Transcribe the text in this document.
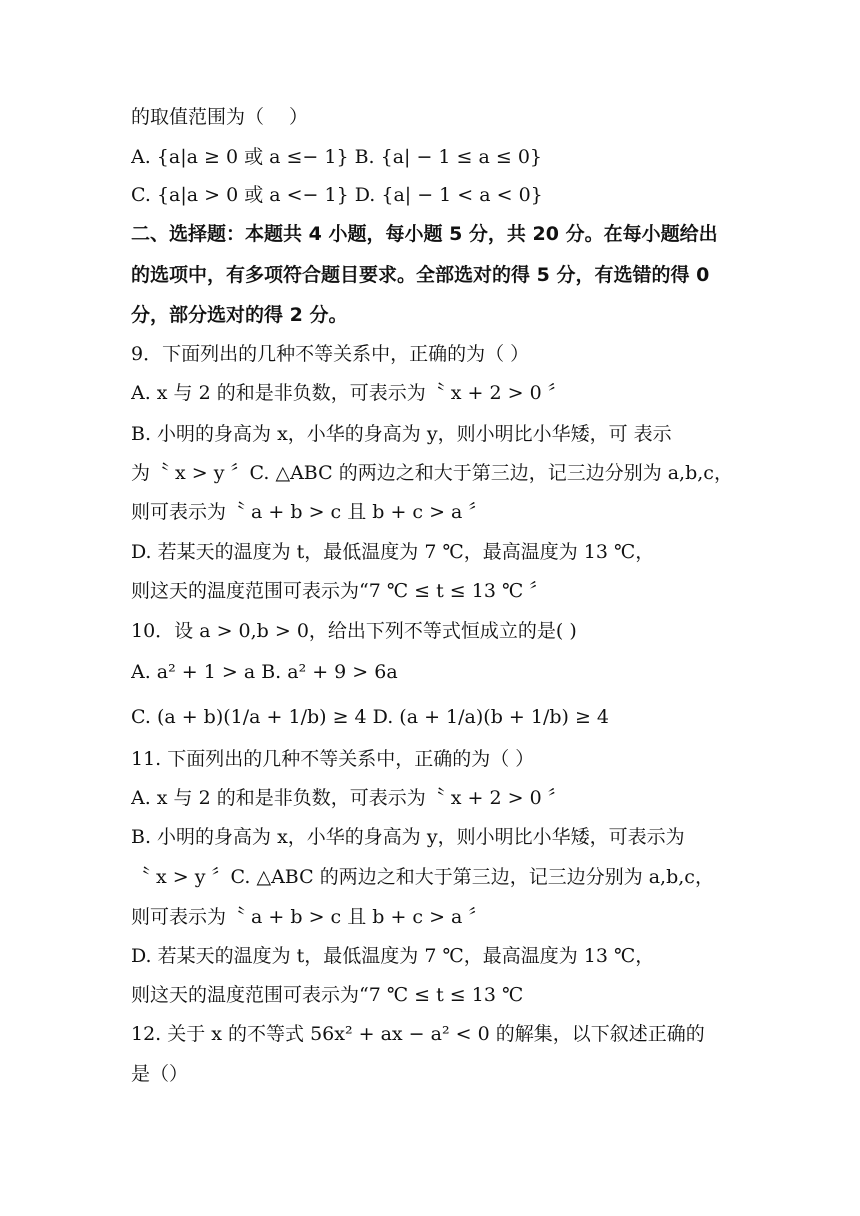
的取值范围为（　 ）
A. {a|a ≥ 0 或 a ≤− 1} B. {a| − 1 ≤ a ≤ 0}
C. {a|a > 0 或 a <− 1} D. {a| − 1 < a < 0}
二、选择题：本题共 4 小题，每小题 5 分，共 20 分。在每小题给出
的选项中，有多项符合题目要求。全部选对的得 5 分，有选错的得 0
分，部分选对的得 2 分。
9．下面列出的几种不等关系中，正确的为（ ）
A. x 与 2 的和是非负数，可表示为〝 x + 2 > 0 〞
B. 小明的身高为 x，小华的身高为 y，则小明比小华矮，可 表示
为〝 x > y 〞C. △ABC 的两边之和大于第三边，记三边分别为 a,b,c，
则可表示为〝 a + b > c 且 b + c > a 〞
D. 若某天的温度为 t，最低温度为 7 ℃，最高温度为 13 ℃，
则这天的温度范围可表示为“7 ℃ ≤ t ≤ 13 ℃ 〞
10．设 a > 0,b > 0，给出下列不等式恒成立的是( )
A. a² + 1 > a B. a² + 9 > 6a
C. (a + b)(1/a + 1/b) ≥ 4 D. (a + 1/a)(b + 1/b) ≥ 4
11. 下面列出的几种不等关系中，正确的为（ ）
A. x 与 2 的和是非负数，可表示为〝 x + 2 > 0 〞
B. 小明的身高为 x，小华的身高为 y，则小明比小华矮，可表示为
〝 x > y 〞C. △ABC 的两边之和大于第三边，记三边分别为 a,b,c，
则可表示为〝 a + b > c 且 b + c > a 〞
D. 若某天的温度为 t，最低温度为 7 ℃，最高温度为 13 ℃，
则这天的温度范围可表示为“7 ℃ ≤ t ≤ 13 ℃
12. 关于 x 的不等式 56x² + ax − a² < 0 的解集，以下叙述正确的
是（）
